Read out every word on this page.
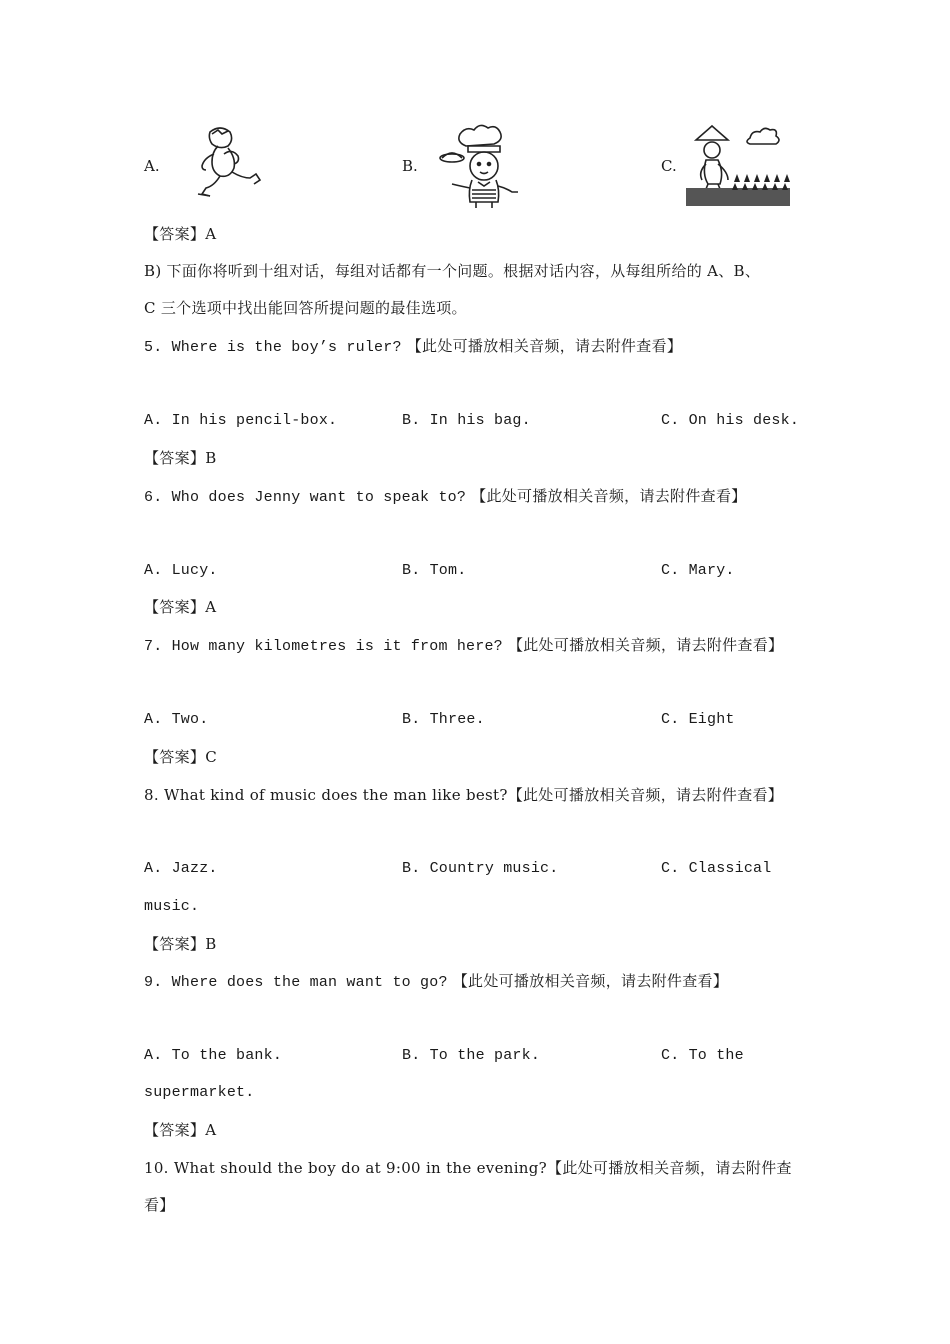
A.	B.	C.
【答案】A
B) 下面你将听到十组对话，每组对话都有一个问题。根据对话内容，从每组所给的 A、B、
C 三个选项中找出能回答所提问题的最佳选项。
5. Where is the boy’s ruler? 【此处可播放相关音频，请去附件查看】
A. In his pencil-box.	B. In his bag.	C. On his desk.
【答案】B
6. Who does Jenny want to speak to? 【此处可播放相关音频，请去附件查看】
A. Lucy.	B. Tom.	C. Mary.
【答案】A
7. How many kilometres is it from here? 【此处可播放相关音频，请去附件查看】
A. Two.	B. Three.	C. Eight
【答案】C
8. What kind of music does the man like best?【此处可播放相关音频，请去附件查看】
A. Jazz.	B. Country music.	C. Classical
music.
【答案】B
9. Where does the man want to go? 【此处可播放相关音频，请去附件查看】
A. To the bank.	B. To the park.	C. To the
supermarket.
【答案】A
10. What should the boy do at 9:00 in the evening?【此处可播放相关音频，请去附件查
看】
